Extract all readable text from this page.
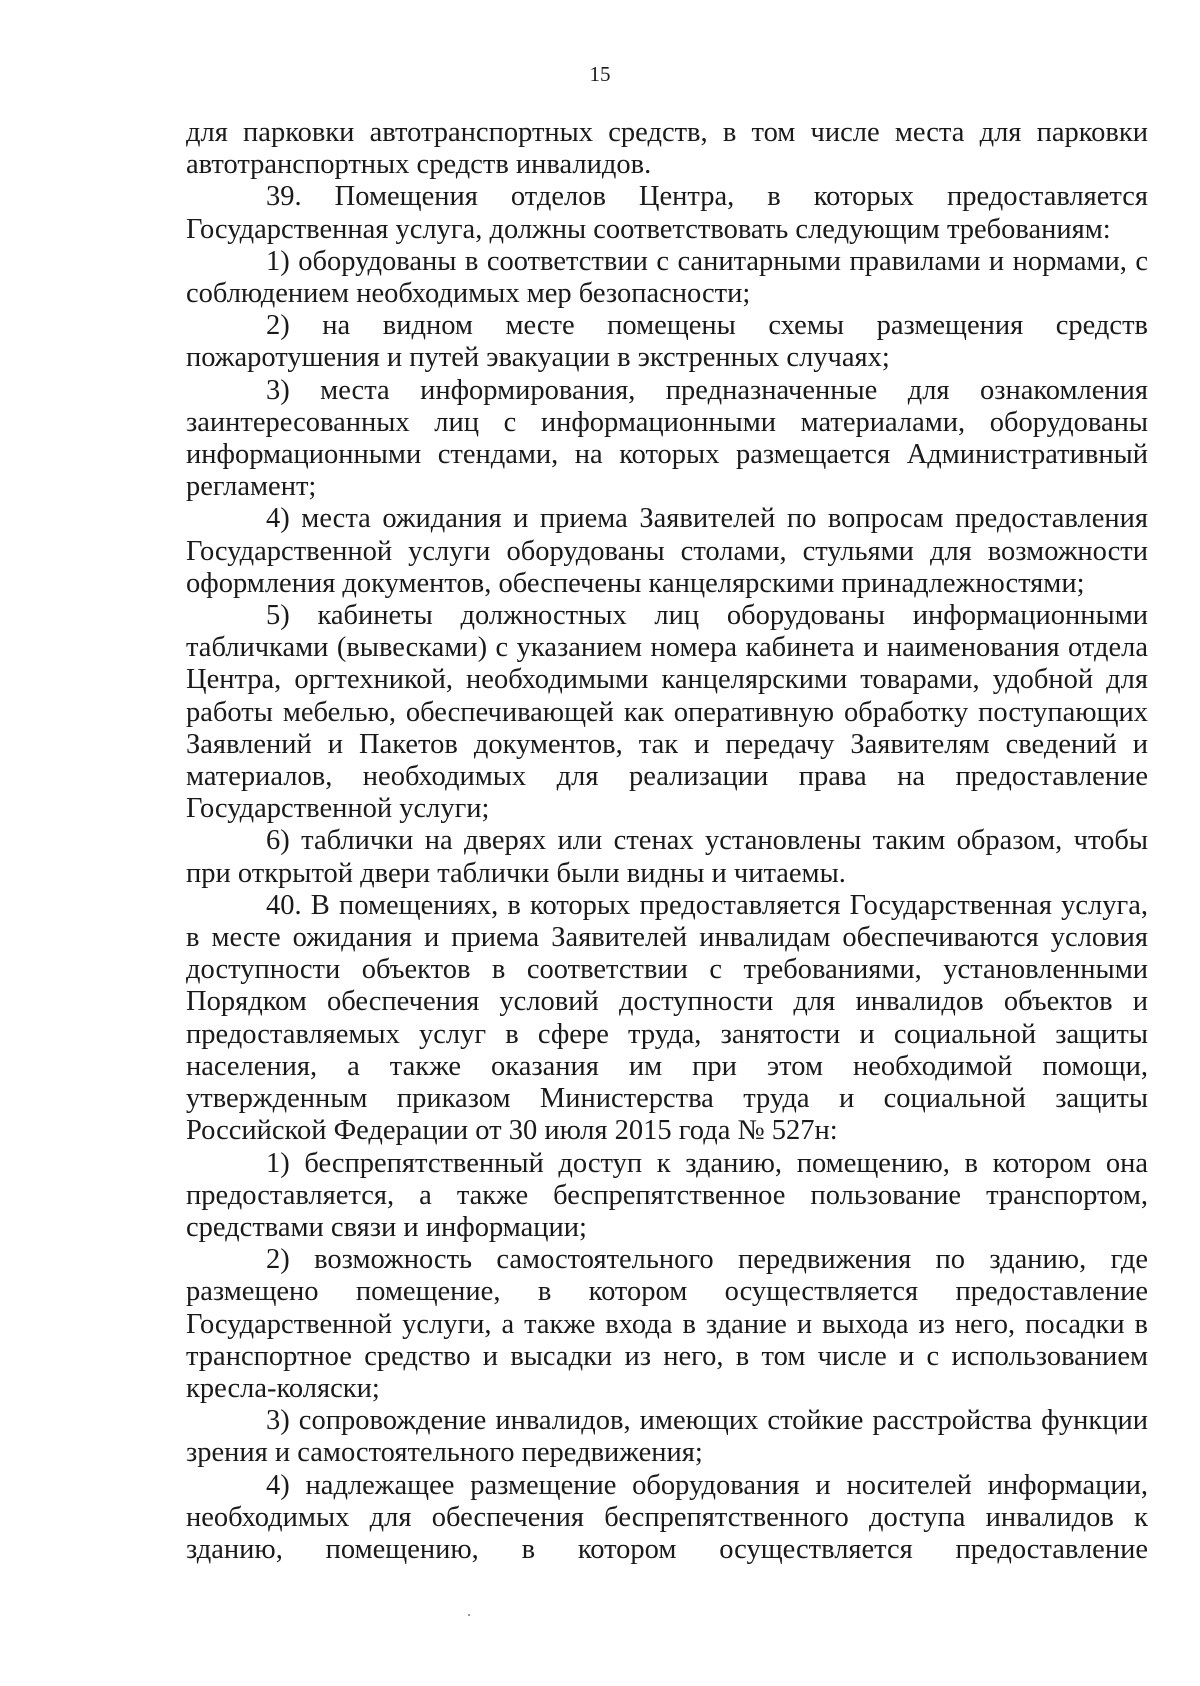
15

для парковки автотранспортных средств, в том числе места для парковки автотранспортных средств инвалидов.

39. Помещения отделов Центра, в которых предоставляется Государственная услуга, должны соответствовать следующим требованиям:

1) оборудованы в соответствии с санитарными правилами и нормами, с соблюдением необходимых мер безопасности;

2) на видном месте помещены схемы размещения средств пожаротушения и путей эвакуации в экстренных случаях;

3) места информирования, предназначенные для ознакомления заинтересованных лиц с информационными материалами, оборудованы информационными стендами, на которых размещается Административный регламент;

4) места ожидания и приема Заявителей по вопросам предоставления Государственной услуги оборудованы столами, стульями для возможности оформления документов, обеспечены канцелярскими принадлежностями;

5) кабинеты должностных лиц оборудованы информационными табличками (вывесками) с указанием номера кабинета и наименования отдела Центра, оргтехникой, необходимыми канцелярскими товарами, удобной для работы мебелью, обеспечивающей как оперативную обработку поступающих Заявлений и Пакетов документов, так и передачу Заявителям сведений и материалов, необходимых для реализации права на предоставление Государственной услуги;

6) таблички на дверях или стенах установлены таким образом, чтобы при открытой двери таблички были видны и читаемы.

40. В помещениях, в которых предоставляется Государственная услуга, в месте ожидания и приема Заявителей инвалидам обеспечиваются условия доступности объектов в соответствии с требованиями, установленными Порядком обеспечения условий доступности для инвалидов объектов и предоставляемых услуг в сфере труда, занятости и социальной защиты населения, а также оказания им при этом необходимой помощи, утвержденным приказом Министерства труда и социальной защиты Российской Федерации от 30 июля 2015 года № 527н:

1) беспрепятственный доступ к зданию, помещению, в котором она предоставляется, а также беспрепятственное пользование транспортом, средствами связи и информации;

2) возможность самостоятельного передвижения по зданию, где размещено помещение, в котором осуществляется предоставление Государственной услуги, а также входа в здание и выхода из него, посадки в транспортное средство и высадки из него, в том числе и с использованием кресла-коляски;

3) сопровождение инвалидов, имеющих стойкие расстройства функции зрения и самостоятельного передвижения;

4) надлежащее размещение оборудования и носителей информации, необходимых для обеспечения беспрепятственного доступа инвалидов к зданию, помещению, в котором осуществляется предоставление
